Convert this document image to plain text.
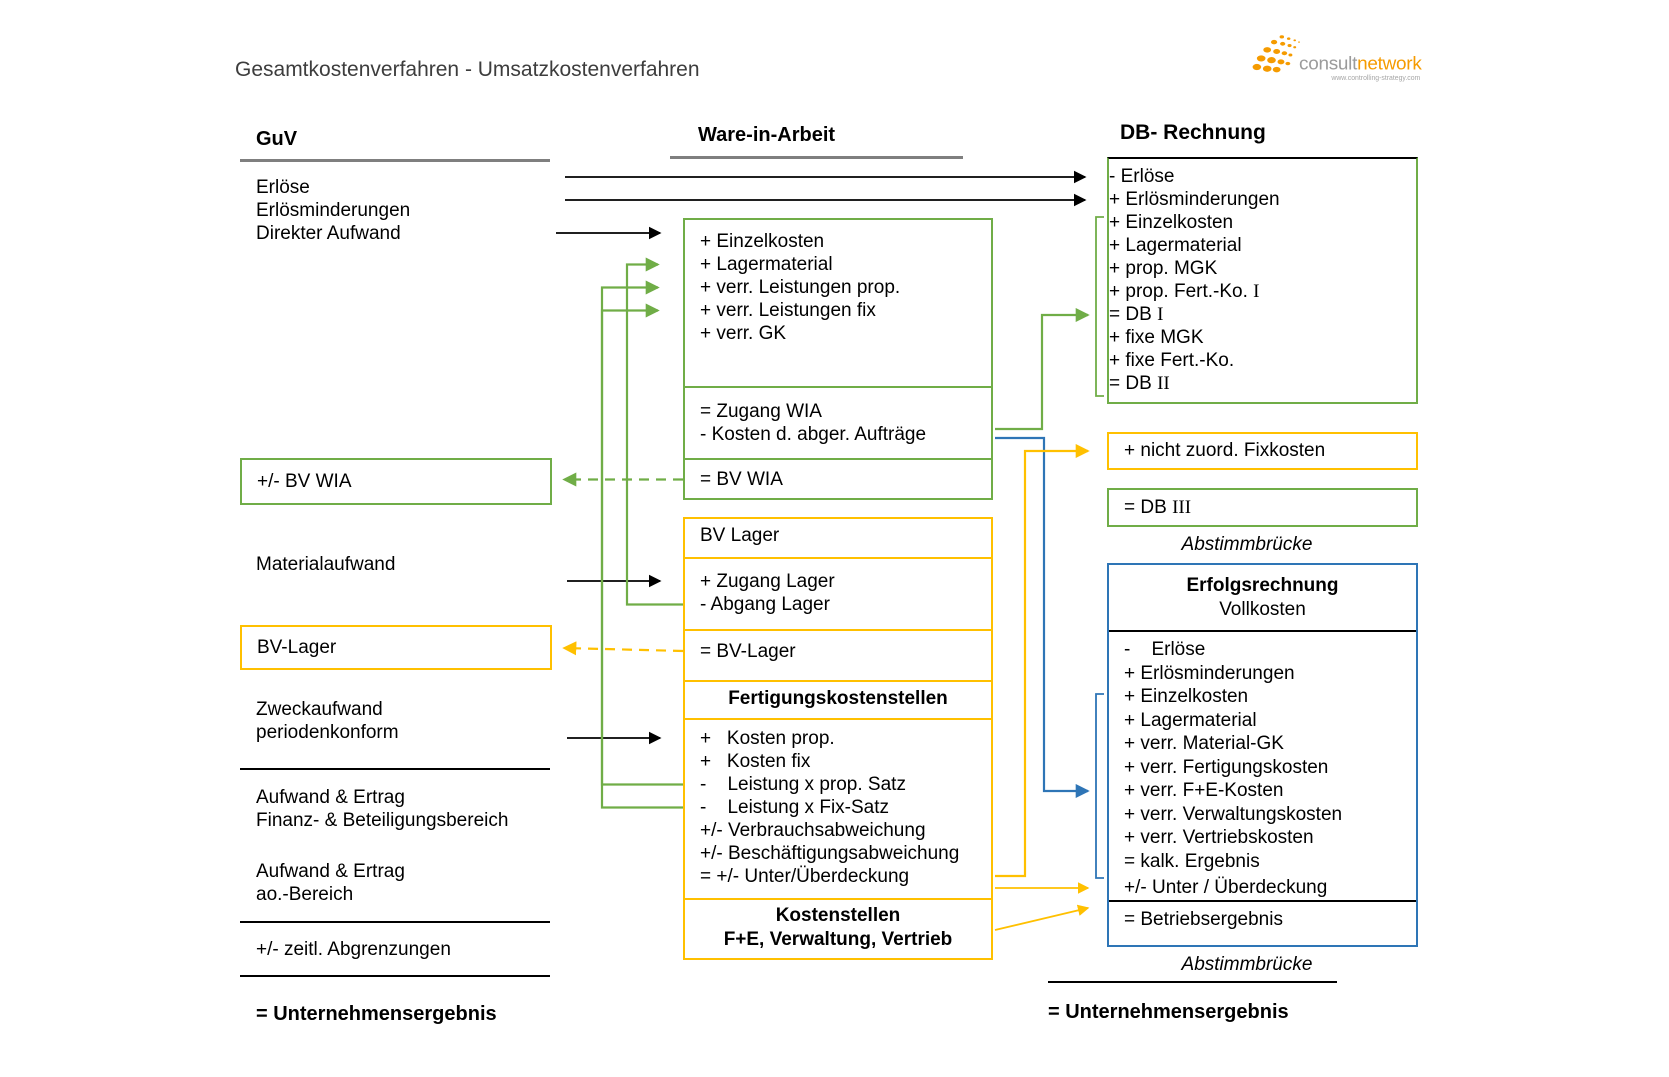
Gesamtkostenverfahren - Umsatzkostenverfahren	consultnetwork
www.controlling-strategy.com
GuV
Erlöse
Erlösminderungen
Direkter Aufwand
+/- BV WIA
Materialaufwand
BV-Lager
Zweckaufwand
periodenkonform
Aufwand & Ertrag
Finanz- & Beteiligungsbereich
Aufwand & Ertrag
ao.-Bereich
+/- zeitl. Abgrenzungen
= Unternehmensergebnis
Ware-in-Arbeit
+ Einzelkosten
+ Lagermaterial
+ verr. Leistungen prop.
+ verr. Leistungen fix
+ verr. GK
= Zugang WIA
- Kosten d. abger. Aufträge
= BV WIA
BV Lager
+ Zugang Lager
- Abgang Lager
= BV-Lager
Fertigungskostenstellen
+   Kosten prop.
+   Kosten fix
-    Leistung x prop. Satz
-    Leistung x Fix-Satz
+/- Verbrauchsabweichung
+/- Beschäftigungsabweichung
= +/- Unter/Überdeckung
Kostenstellen
F+E, Verwaltung, Vertrieb
DB- Rechnung
- Erlöse
+ Erlösminderungen
+ Einzelkosten
+ Lagermaterial
+ prop. MGK
+ prop. Fert.-Ko. I
= DB I
+ fixe MGK
+ fixe Fert.-Ko.
= DB II
+ nicht zuord. Fixkosten
= DB III
Abstimmbrücke
Erfolgsrechnung
Vollkosten
-    Erlöse
+ Erlösminderungen
+ Einzelkosten
+ Lagermaterial
+ verr. Material-GK
+ verr. Fertigungskosten
+ verr. F+E-Kosten
+ verr. Verwaltungskosten
+ verr. Vertriebskosten
= kalk. Ergebnis
+/- Unter / Überdeckung
= Betriebsergebnis
Abstimmbrücke
= Unternehmensergebnis
